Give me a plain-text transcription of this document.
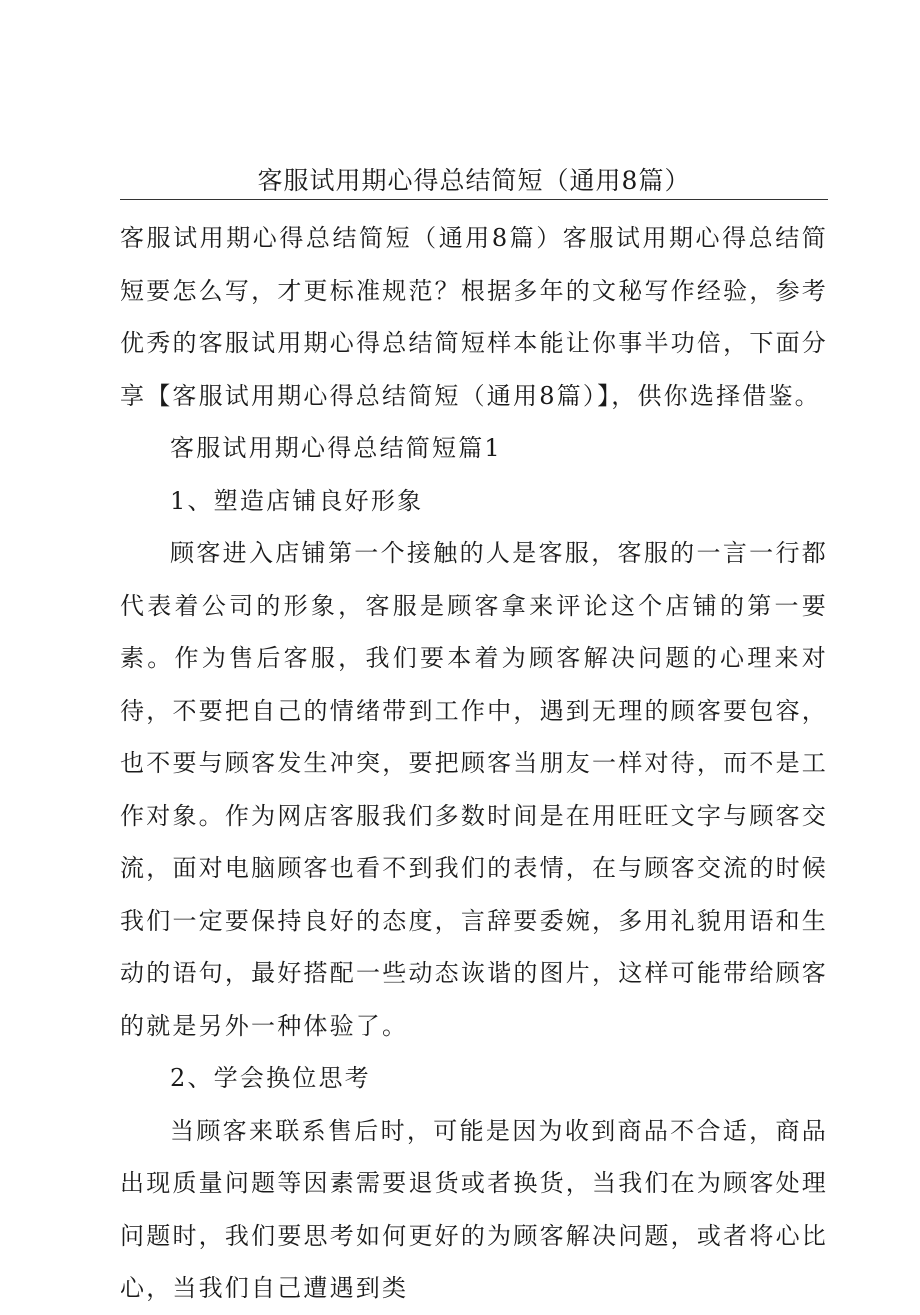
客服试用期心得总结简短（通用8篇）

客服试用期心得总结简短（通用8篇）客服试用期心得总结简短要怎么写，才更标准规范？根据多年的文秘写作经验，参考优秀的客服试用期心得总结简短样本能让你事半功倍，下面分享【客服试用期心得总结简短（通用8篇）】，供你选择借鉴。

客服试用期心得总结简短篇1

1、塑造店铺良好形象

顾客进入店铺第一个接触的人是客服，客服的一言一行都代表着公司的形象，客服是顾客拿来评论这个店铺的第一要素。作为售后客服，我们要本着为顾客解决问题的心理来对待，不要把自己的情绪带到工作中，遇到无理的顾客要包容，也不要与顾客发生冲突，要把顾客当朋友一样对待，而不是工作对象。作为网店客服我们多数时间是在用旺旺文字与顾客交流，面对电脑顾客也看不到我们的表情，在与顾客交流的时候我们一定要保持良好的态度，言辞要委婉，多用礼貌用语和生动的语句，最好搭配一些动态诙谐的图片，这样可能带给顾客的就是另外一种体验了。

2、学会换位思考

当顾客来联系售后时，可能是因为收到商品不合适，商品出现质量问题等因素需要退货或者换货，当我们在为顾客处理问题时，我们要思考如何更好的为顾客解决问题，或者将心比心，当我们自己遭遇到类
